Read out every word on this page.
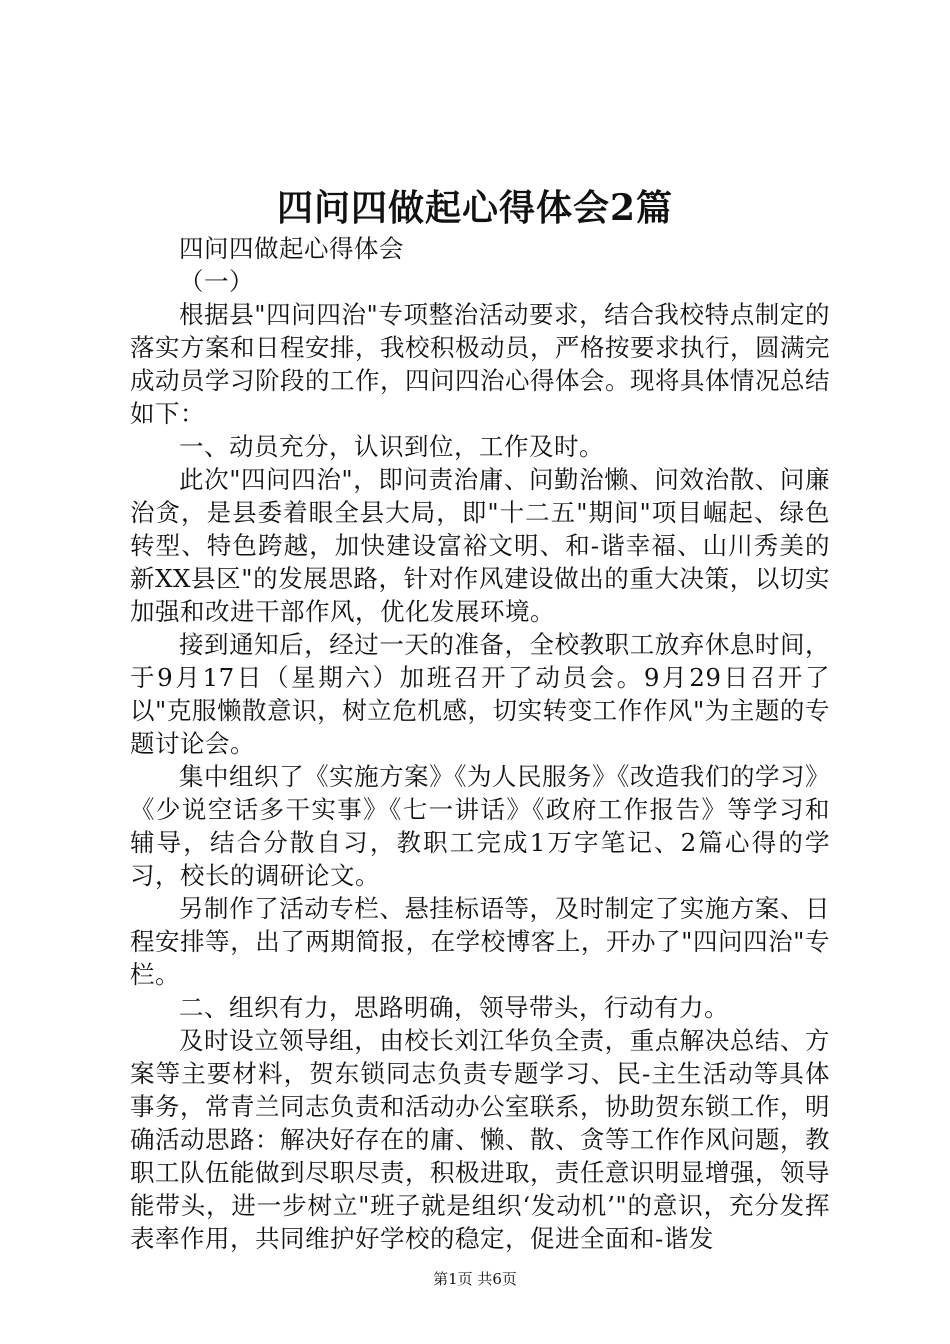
四问四做起心得体会2篇

四问四做起心得体会

（一）

根据县"四问四治"专项整治活动要求，结合我校特点制定的落实方案和日程安排，我校积极动员，严格按要求执行，圆满完成动员学习阶段的工作，四问四治心得体会。现将具体情况总结如下：

一、动员充分，认识到位，工作及时。

此次"四问四治"，即问责治庸、问勤治懒、问效治散、问廉治贪，是县委着眼全县大局，即"十二五"期间"项目崛起、绿色转型、特色跨越，加快建设富裕文明、和-谐幸福、山川秀美的新XX县区"的发展思路，针对作风建设做出的重大决策，以切实加强和改进干部作风，优化发展环境。

接到通知后，经过一天的准备，全校教职工放弃休息时间，于9月17日（星期六）加班召开了动员会。9月29日召开了以"克服懒散意识，树立危机感，切实转变工作作风"为主题的专题讨论会。

集中组织了《实施方案》《为人民服务》《改造我们的学习》《少说空话多干实事》《七一讲话》《政府工作报告》等学习和辅导，结合分散自习，教职工完成1万字笔记、2篇心得的学习，校长的调研论文。

另制作了活动专栏、悬挂标语等，及时制定了实施方案、日程安排等，出了两期简报，在学校博客上，开办了"四问四治"专栏。

二、组织有力，思路明确，领导带头，行动有力。

及时设立领导组，由校长刘江华负全责，重点解决总结、方案等主要材料，贺东锁同志负责专题学习、民-主生活动等具体事务，常青兰同志负责和活动办公室联系，协助贺东锁工作，明确活动思路：解决好存在的庸、懒、散、贪等工作作风问题，教职工队伍能做到尽职尽责，积极进取，责任意识明显增强，领导能带头，进一步树立"班子就是组织‘发动机’"的意识，充分发挥表率作用，共同维护好学校的稳定，促进全面和-谐发

第1页 共6页
